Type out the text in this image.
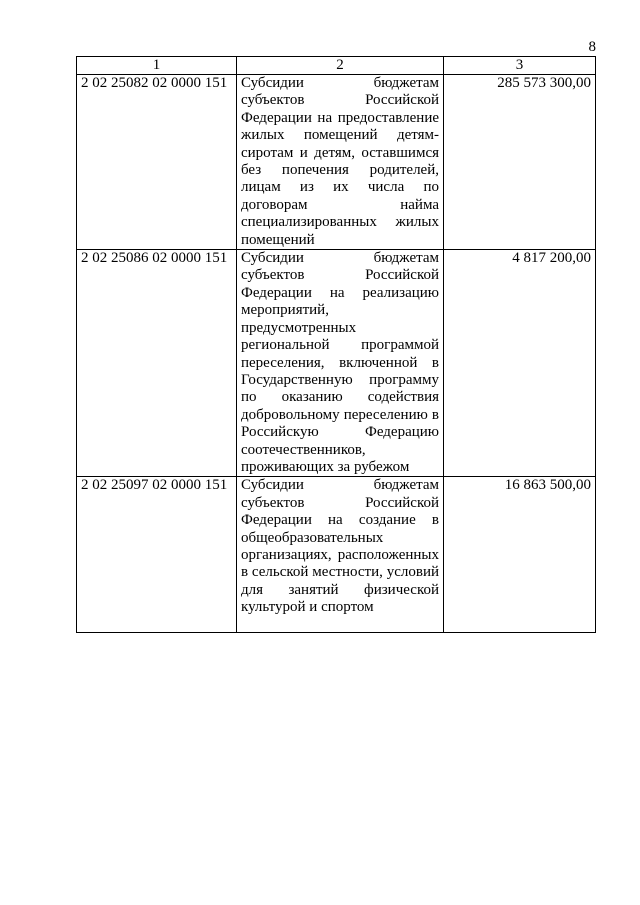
8
1	2	3
2 02 25082 02 0000 151	Субсидии бюджетам субъектов Российской Федерации на предоставление жилых помещений детям-сиротам и детям, оставшимся без попечения родителей, лицам из их числа по договорам найма специализированных жилых помещений	285 573 300,00
2 02 25086 02 0000 151	Субсидии бюджетам субъектов Российской Федерации на реализацию мероприятий, предусмотренных региональной программой переселения, включенной в Государственную программу по оказанию содействия добровольному переселению в Российскую Федерацию соотечественников, проживающих за рубежом	4 817 200,00
2 02 25097 02 0000 151	Субсидии бюджетам субъектов Российской Федерации на создание в общеобразовательных организациях, расположенных в сельской местности, условий для занятий физической культурой и спортом	16 863 500,00
